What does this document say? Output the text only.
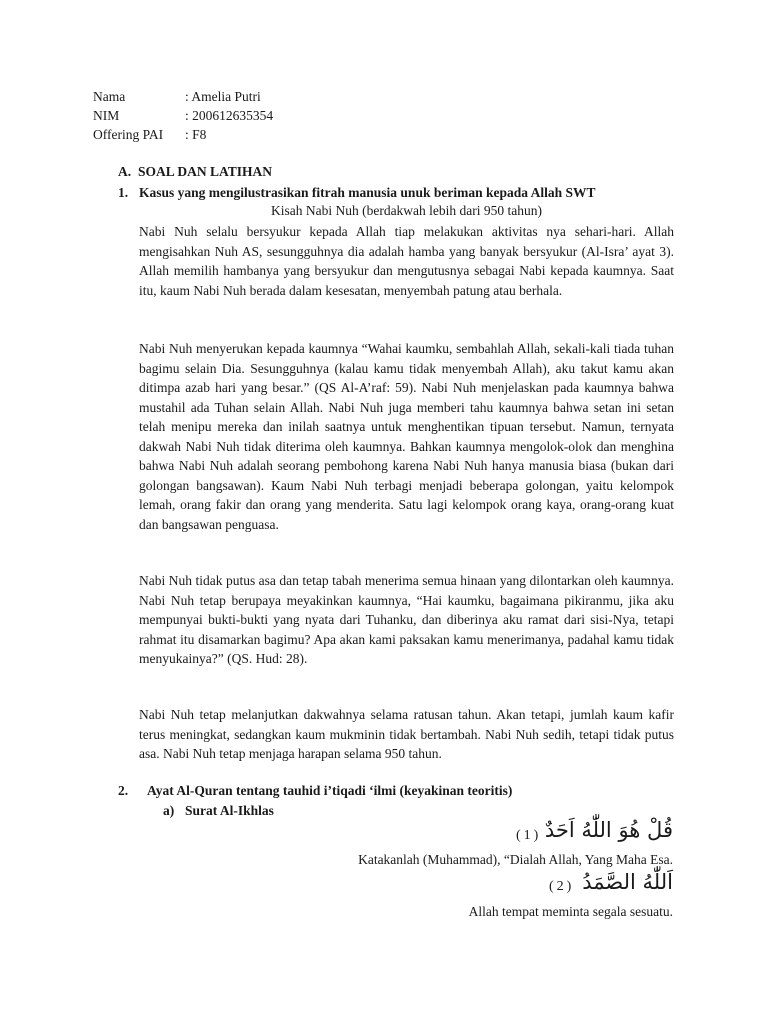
Nama	: Amelia Putri
NIM	: 200612635354
Offering PAI : F8
A. SOAL DAN LATIHAN
1. Kasus yang mengilustrasikan fitrah manusia unuk beriman kepada Allah SWT
Kisah Nabi Nuh (berdakwah lebih dari 950 tahun)

Nabi Nuh selalu bersyukur kepada Allah tiap melakukan aktivitas nya sehari-hari. Allah mengisahkan Nuh AS, sesungguhnya dia adalah hamba yang banyak bersyukur (Al-Isra’ ayat 3). Allah memilih hambanya yang bersyukur dan mengutusnya sebagai Nabi kepada kaumnya. Saat itu, kaum Nabi Nuh berada dalam kesesatan, menyembah patung atau berhala.

Nabi Nuh menyerukan kepada kaumnya “Wahai kaumku, sembahlah Allah, sekali-kali tiada tuhan bagimu selain Dia. Sesungguhnya (kalau kamu tidak menyembah Allah), aku takut kamu akan ditimpa azab hari yang besar.” (QS Al-A’raf: 59). Nabi Nuh menjelaskan pada kaumnya bahwa mustahil ada Tuhan selain Allah. Nabi Nuh juga memberi tahu kaumnya bahwa setan ini setan telah menipu mereka dan inilah saatnya untuk menghentikan tipuan tersebut. Namun, ternyata dakwah Nabi Nuh tidak diterima oleh kaumnya. Bahkan kaumnya mengolok-olok dan menghina bahwa Nabi Nuh adalah seorang pembohong karena Nabi Nuh hanya manusia biasa (bukan dari golongan bangsawan). Kaum Nabi Nuh terbagi menjadi beberapa golongan, yaitu kelompok lemah, orang fakir dan orang yang menderita. Satu lagi kelompok orang kaya, orang-orang kuat dan bangsawan penguasa.

Nabi Nuh tidak putus asa dan tetap tabah menerima semua hinaan yang dilontarkan oleh kaumnya. Nabi Nuh tetap berupaya meyakinkan kaumnya, “Hai kaumku, bagaimana pikiranmu, jika aku mempunyai bukti-bukti yang nyata dari Tuhanku, dan diberinya aku ramat dari sisi-Nya, tetapi rahmat itu disamarkan bagimu? Apa akan kami paksakan kamu menerimanya, padahal kamu tidak menyukainya?” (QS. Hud: 28).

Nabi Nuh tetap melanjutkan dakwahnya selama ratusan tahun. Akan tetapi, jumlah kaum kafir terus meningkat, sedangkan kaum mukminin tidak bertambah. Nabi Nuh sedih, tetapi tidak putus asa. Nabi Nuh tetap menjaga harapan selama 950 tahun.

2. Ayat Al-Quran tentang tauhid i’tiqadi ‘ilmi (keyakinan teoritis)
a) Surat Al-Ikhlas
قُلْ هُوَ اللّٰهُ اَحَدٌ
(1)
Katakanlah (Muhammad), “Dialah Allah, Yang Maha Esa.
اَللّٰهُ الصَّمَدُ
(2)
Allah tempat meminta segala sesuatu.
